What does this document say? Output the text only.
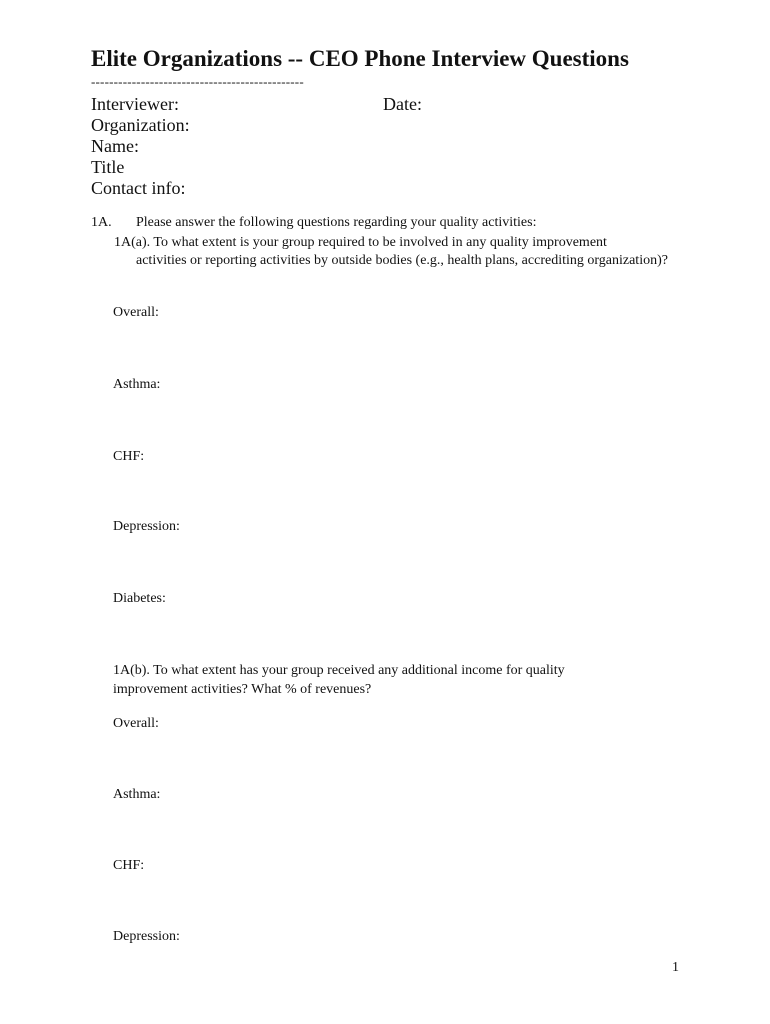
Elite Organizations -- CEO Phone Interview Questions
-----------------------------------------------
Interviewer:	Date:
Organization:
Name:
Title
Contact info:
1A. Please answer the following questions regarding your quality activities:
1A(a). To what extent is your group required to be involved in any quality improvement
activities or reporting activities by outside bodies (e.g., health plans, accrediting organization)?
Overall:
Asthma:
CHF:
Depression:
Diabetes:
1A(b). To what extent has your group received any additional income for quality improvement activities? What % of revenues?
Overall:
Asthma:
CHF:
Depression:
1
